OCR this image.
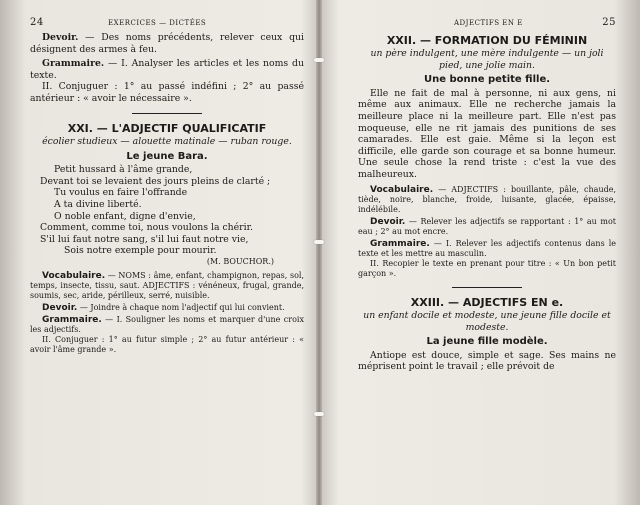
24	EXERCICES — DICTÉES

Devoir. — Des noms précédents, relever ceux qui désignent des armes à feu.

Grammaire. — I. Analyser les articles et les noms du texte.

II. Conjuguer : 1° au passé indéfini ; 2° au passé antérieur : « avoir le nécessaire ».

XXI. — L'ADJECTIF QUALIFICATIF

écolier studieux — alouette matinale — ruban rouge.

Le jeune Bara.

Petit hussard à l'âme grande,

Devant toi se levaient des jours pleins de clarté ;

Tu voulus en faire l'offrande

A ta divine liberté.

O noble enfant, digne d'envie,

Comment, comme toi, nous voulons la chérir.

S'il lui faut notre sang, s'il lui faut notre vie,

Sois notre exemple pour mourir.

(M. BOUCHOR.)

Vocabulaire. — NOMS : âme, enfant, champignon, repas, sol, temps, insecte, tissu, saut. ADJECTIFS : vénéneux, frugal, grande, soumis, sec, aride, périlleux, serré, nuisible.

Devoir. — Joindre à chaque nom l'adjectif qui lui convient.

Grammaire. — I. Souligner les noms et marquer d'une croix les adjectifs.

II. Conjuguer : 1° au futur simple ; 2° au futur antérieur : « avoir l'âme grande ».

ADJECTIFS EN E	25

XXII. — FORMATION DU FÉMININ

un père indulgent, une mère indulgente — un joli pied, une jolie main.

Une bonne petite fille.

Elle ne fait de mal à personne, ni aux gens, ni même aux animaux. Elle ne recherche jamais la meilleure place ni la meilleure part. Elle n'est pas moqueuse, elle ne rit jamais des punitions de ses camarades. Elle est gaie. Même si la leçon est difficile, elle garde son courage et sa bonne humeur. Une seule chose la rend triste : c'est la vue des malheureux.

Vocabulaire. — ADJECTIFS : bouillante, pâle, chaude, tiède, noire, blanche, froide, luisante, glacée, épaisse, indélébile.

Devoir. — Relever les adjectifs se rapportant : 1° au mot eau ; 2° au mot encre.

Grammaire. — I. Relever les adjectifs contenus dans le texte et les mettre au masculin.

II. Recopier le texte en prenant pour titre : « Un bon petit garçon ».

XXIII. — ADJECTIFS EN e.

un enfant docile et modeste, une jeune fille docile et modeste.

La jeune fille modèle.

Antiope est douce, simple et sage. Ses mains ne méprisent point le travail ; elle prévoit de
